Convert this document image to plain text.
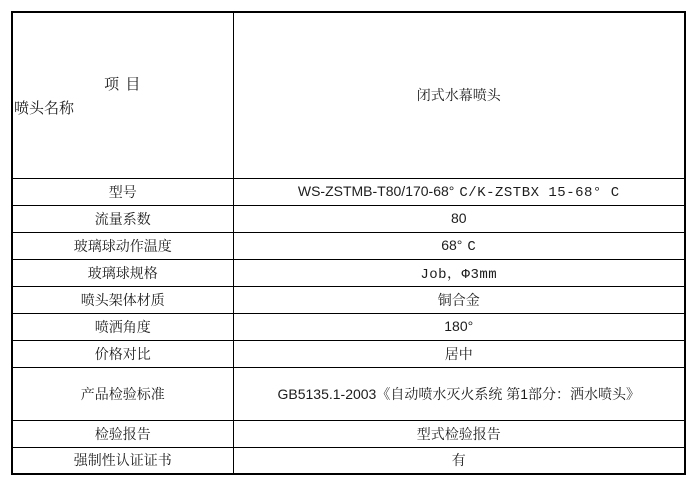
项 目
喷头名称	闭式水幕喷头
型号	WS-ZSTMB-T80/170-68° C/K-ZSTBX 15-68° C
流量系数	80
玻璃球动作温度	68° C
玻璃球规格	Job，Φ3mm
喷头架体材质	铜合金
喷洒角度	180°
价格对比	居中
产品检验标准	GB5135.1-2003《自动喷水灭火系统 第1部分：洒水喷头》
检验报告	型式检验报告
强制性认证证书	有
